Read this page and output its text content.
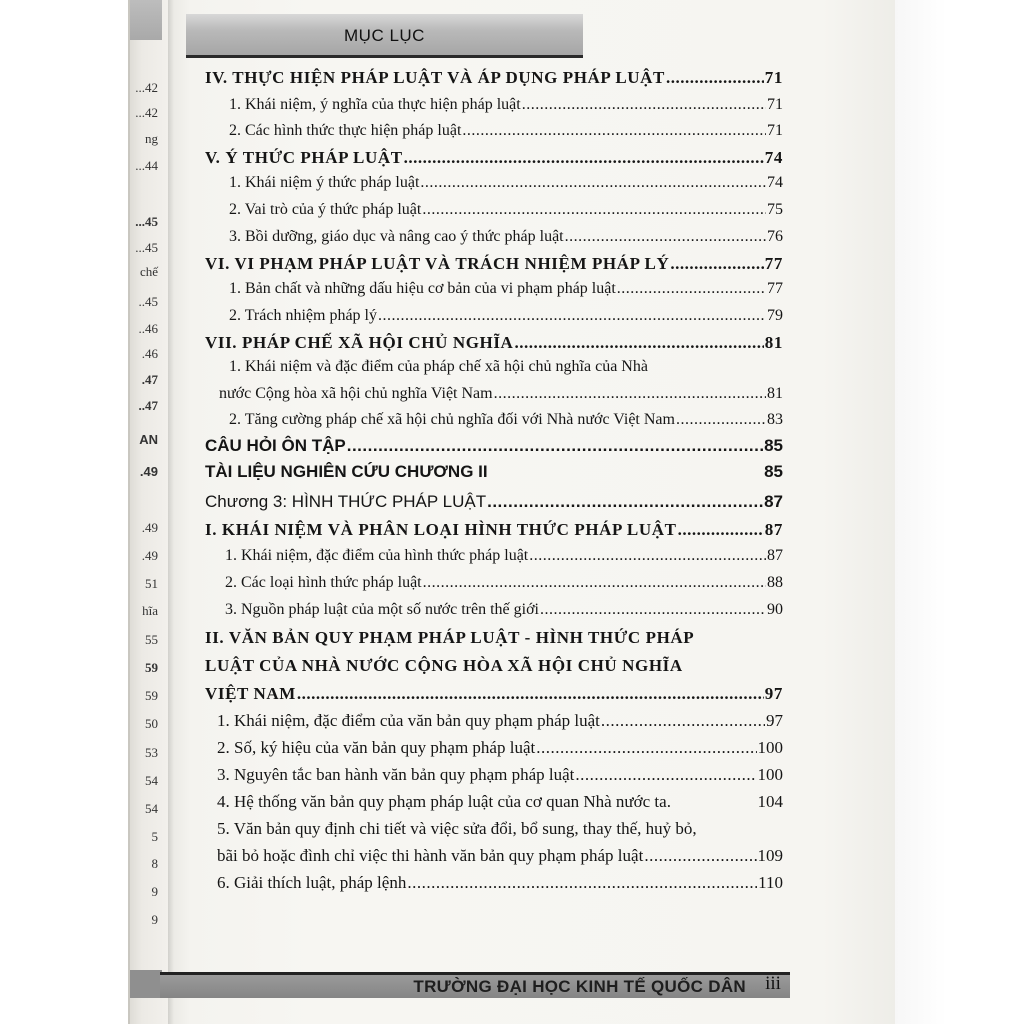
...42
...42
ng
...44
...45
...45
chế
..45
..46
.46
.47
..47
AN
.49
.49
.49
51
hĩa
55
59
59
50
53
54
54
5
8
9
9
MỤC LỤC
IV. THỰC HIỆN PHÁP LUẬT VÀ ÁP DỤNG PHÁP LUẬT .....	71
1. Khái niệm, ý nghĩa của thực hiện pháp luật .....	71
2. Các hình thức thực hiện pháp luật .....	71
V. Ý THỨC PHÁP LUẬT .....	74
1. Khái niệm ý thức pháp luật .....	74
2. Vai trò của ý thức pháp luật .....	75
3. Bồi dưỡng, giáo dục và nâng cao ý thức pháp luật .....	76
VI. VI PHẠM PHÁP LUẬT VÀ TRÁCH NHIỆM PHÁP LÝ .....	77
1. Bản chất và những dấu hiệu cơ bản của vi phạm pháp luật .....	77
2. Trách nhiệm pháp lý .....	79
VII. PHÁP CHẾ XÃ HỘI CHỦ NGHĨA .....	81
1. Khái niệm và đặc điểm của pháp chế xã hội chủ nghĩa của Nhà
nước Cộng hòa xã hội chủ nghĩa Việt Nam .....	81
2. Tăng cường pháp chế xã hội chủ nghĩa đối với Nhà nước Việt Nam .....	83
CÂU HỎI ÔN TẬP .....	85
TÀI LIỆU NGHIÊN CỨU CHƯƠNG II	85
Chương 3: HÌNH THỨC PHÁP LUẬT .....	87
I. KHÁI NIỆM VÀ PHÂN LOẠI HÌNH THỨC PHÁP LUẬT .....	87
1. Khái niệm, đặc điểm của hình thức pháp luật .....	87
2. Các loại hình thức pháp luật .....	88
3. Nguồn pháp luật của một số nước trên thế giới .....	90
II. VĂN BẢN QUY PHẠM PHÁP LUẬT - HÌNH THỨC PHÁP
LUẬT CỦA NHÀ NƯỚC CỘNG HÒA XÃ HỘI CHỦ NGHĨA
VIỆT NAM .....	97
1. Khái niệm, đặc điểm của văn bản quy phạm pháp luật .....	97
2. Số, ký hiệu của văn bản quy phạm pháp luật .....	100
3. Nguyên tắc ban hành văn bản quy phạm pháp luật .....	100
4. Hệ thống văn bản quy phạm pháp luật của cơ quan Nhà nước ta.	104
5. Văn bản quy định chi tiết và việc sửa đổi, bổ sung, thay thế, huỷ bỏ,
bãi bỏ hoặc đình chỉ việc thi hành văn bản quy phạm pháp luật .....	109
6. Giải thích luật, pháp lệnh .....	110
TRƯỜNG ĐẠI HỌC KINH TẾ QUỐC DÂN	iii
